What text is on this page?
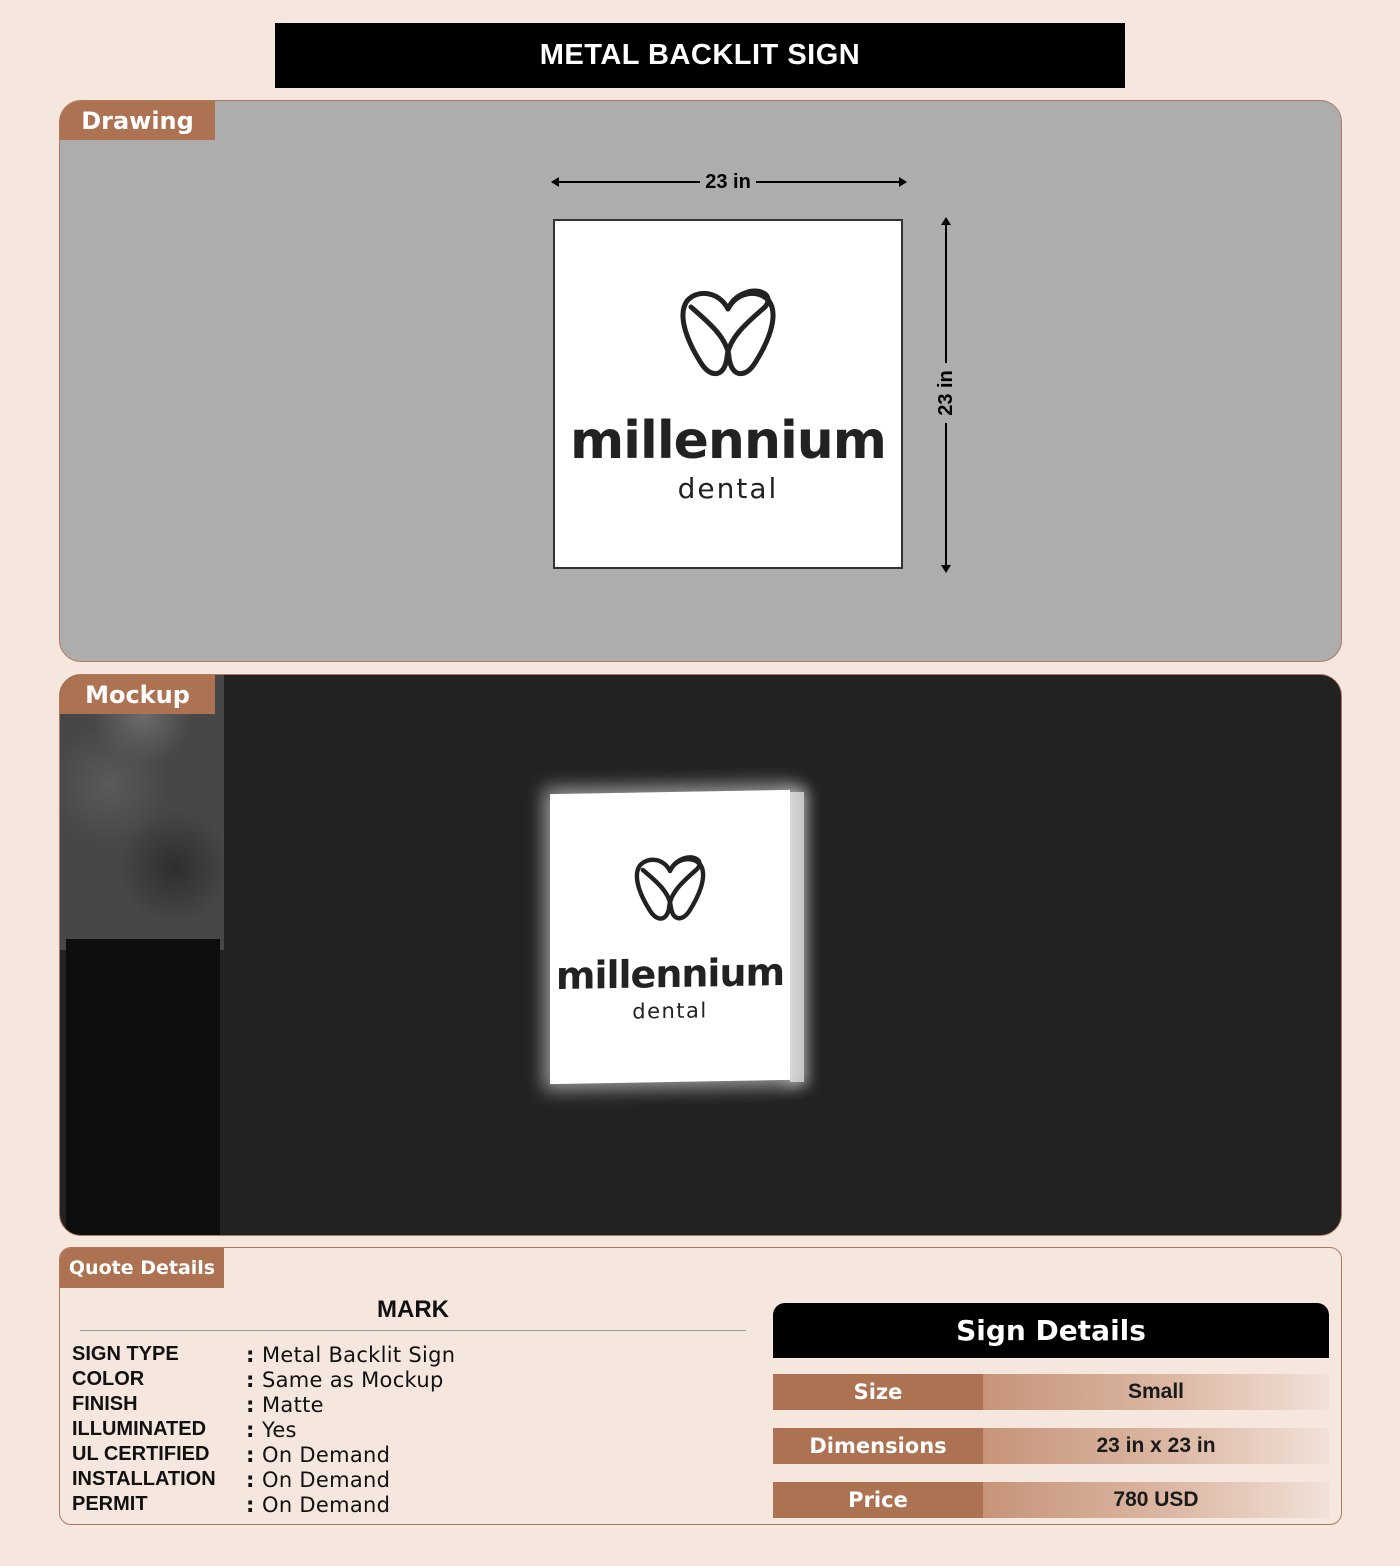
METAL BACKLIT SIGN
Drawing
23 in
23 in
millennium
dental
Mockup
millennium
dental
Quote Details
MARK
SIGN TYPE	: Metal Backlit Sign
COLOR	: Same as Mockup
FINISH	: Matte
ILLUMINATED	: Yes
UL CERTIFIED	: On Demand
INSTALLATION	: On Demand
PERMIT	: On Demand
Sign Details
Size	Small
Dimensions	23 in x 23 in
Price	780 USD
